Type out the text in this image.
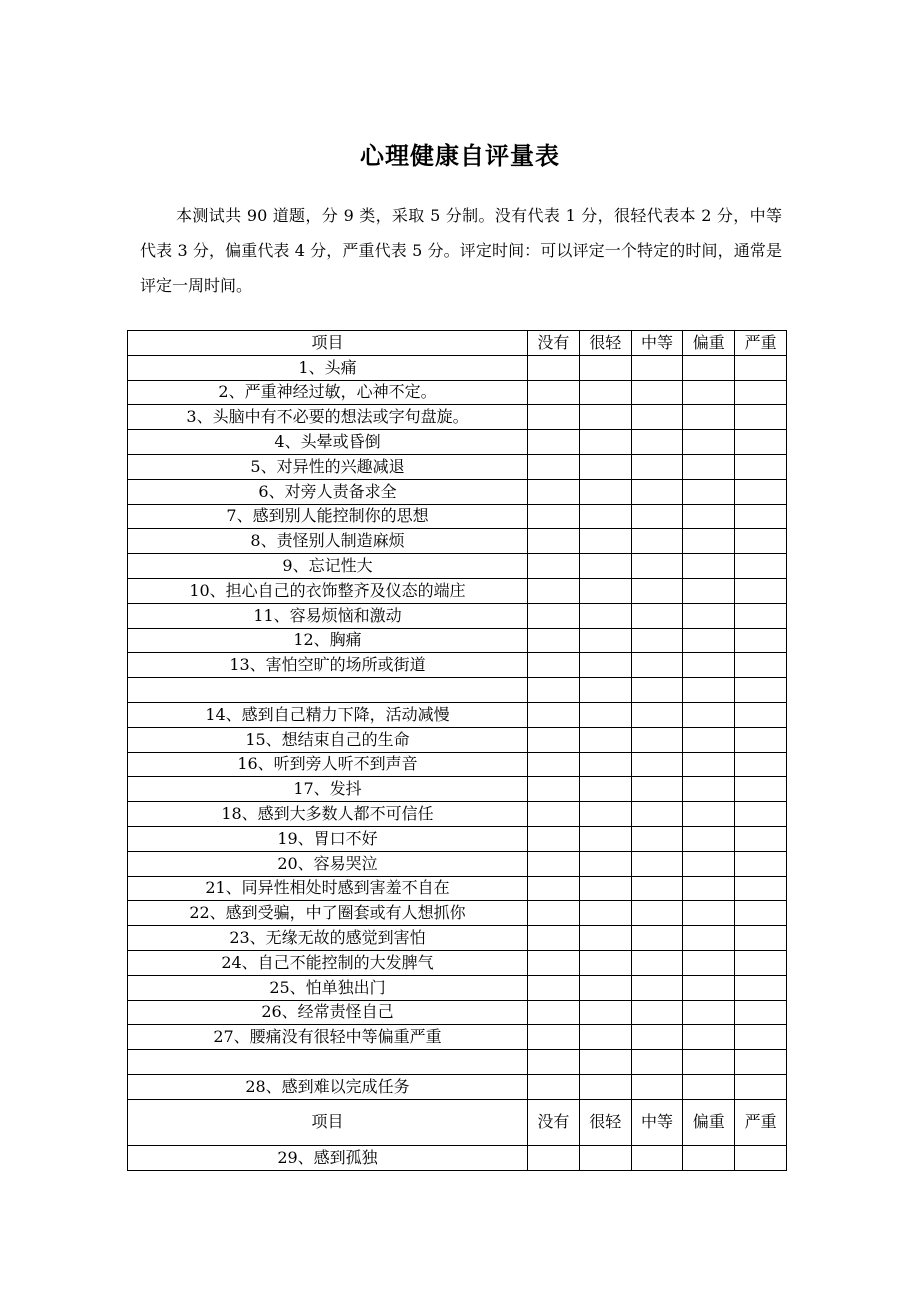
心理健康自评量表

本测试共 90 道题，分 9 类，采取 5 分制。没有代表 1 分，很轻代表本 2 分，中等代表 3 分，偏重代表 4 分，严重代表 5 分。评定时间：可以评定一个特定的时间，通常是评定一周时间。

项目	没有	很轻	中等	偏重	严重
1、头痛					
2、严重神经过敏，心神不定。					
3、头脑中有不必要的想法或字句盘旋。					
4、头晕或昏倒					
5、对异性的兴趣减退					
6、对旁人责备求全					
7、感到别人能控制你的思想					
8、责怪别人制造麻烦					
9、忘记性大					
10、担心自己的衣饰整齐及仪态的端庄					
11、容易烦恼和激动					
12、胸痛					
13、害怕空旷的场所或街道					

14、感到自己精力下降，活动减慢					
15、想结束自己的生命					
16、听到旁人听不到声音					
17、发抖					
18、感到大多数人都不可信任					
19、胃口不好					
20、容易哭泣					
21、同异性相处时感到害羞不自在					
22、感到受骗，中了圈套或有人想抓你					
23、无缘无故的感觉到害怕					
24、自己不能控制的大发脾气					
25、怕单独出门					
26、经常责怪自己					
27、腰痛没有很轻中等偏重严重					

28、感到难以完成任务					
项目	没有	很轻	中等	偏重	严重
29、感到孤独					
